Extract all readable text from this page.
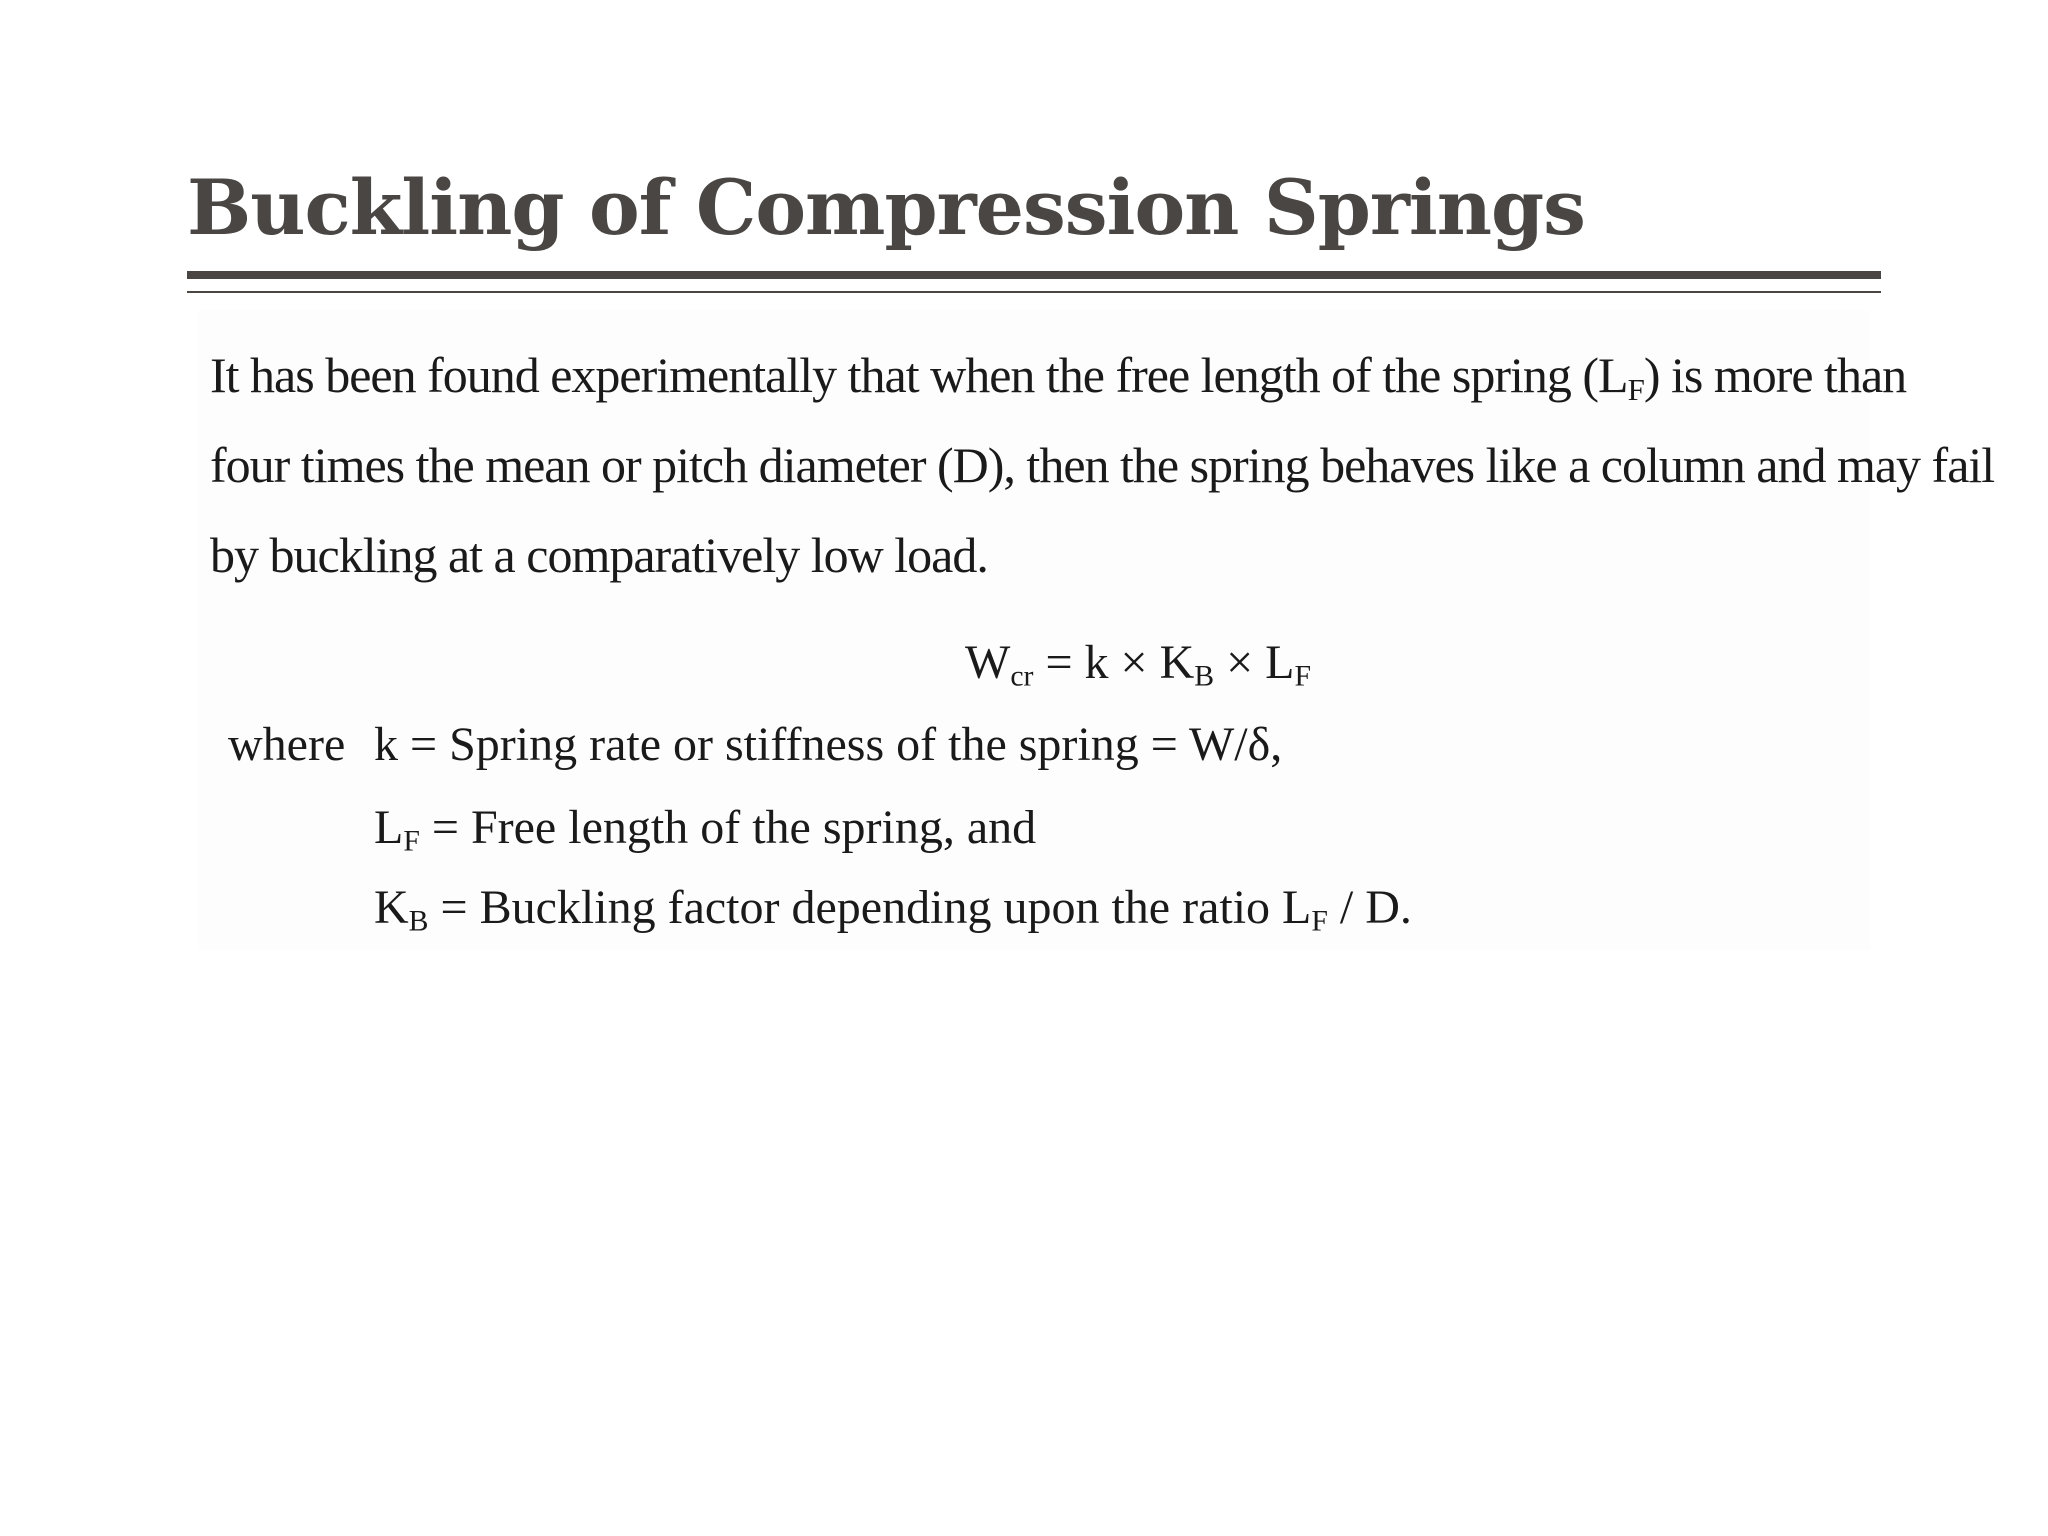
Buckling of Compression Springs

It has been found experimentally that when the free length of the spring $(L_F)$ is more than
four times the mean or pitch diameter (D), then the spring behaves like a column and may fail
by buckling at a comparatively low load.

$W_{cr} = k \times K_B \times L_F$
where k = Spring rate or stiffness of the spring = W/δ,
$L_F$ = Free length of the spring, and
$K_B$ = Buckling factor depending upon the ratio $L_F$ / D.
